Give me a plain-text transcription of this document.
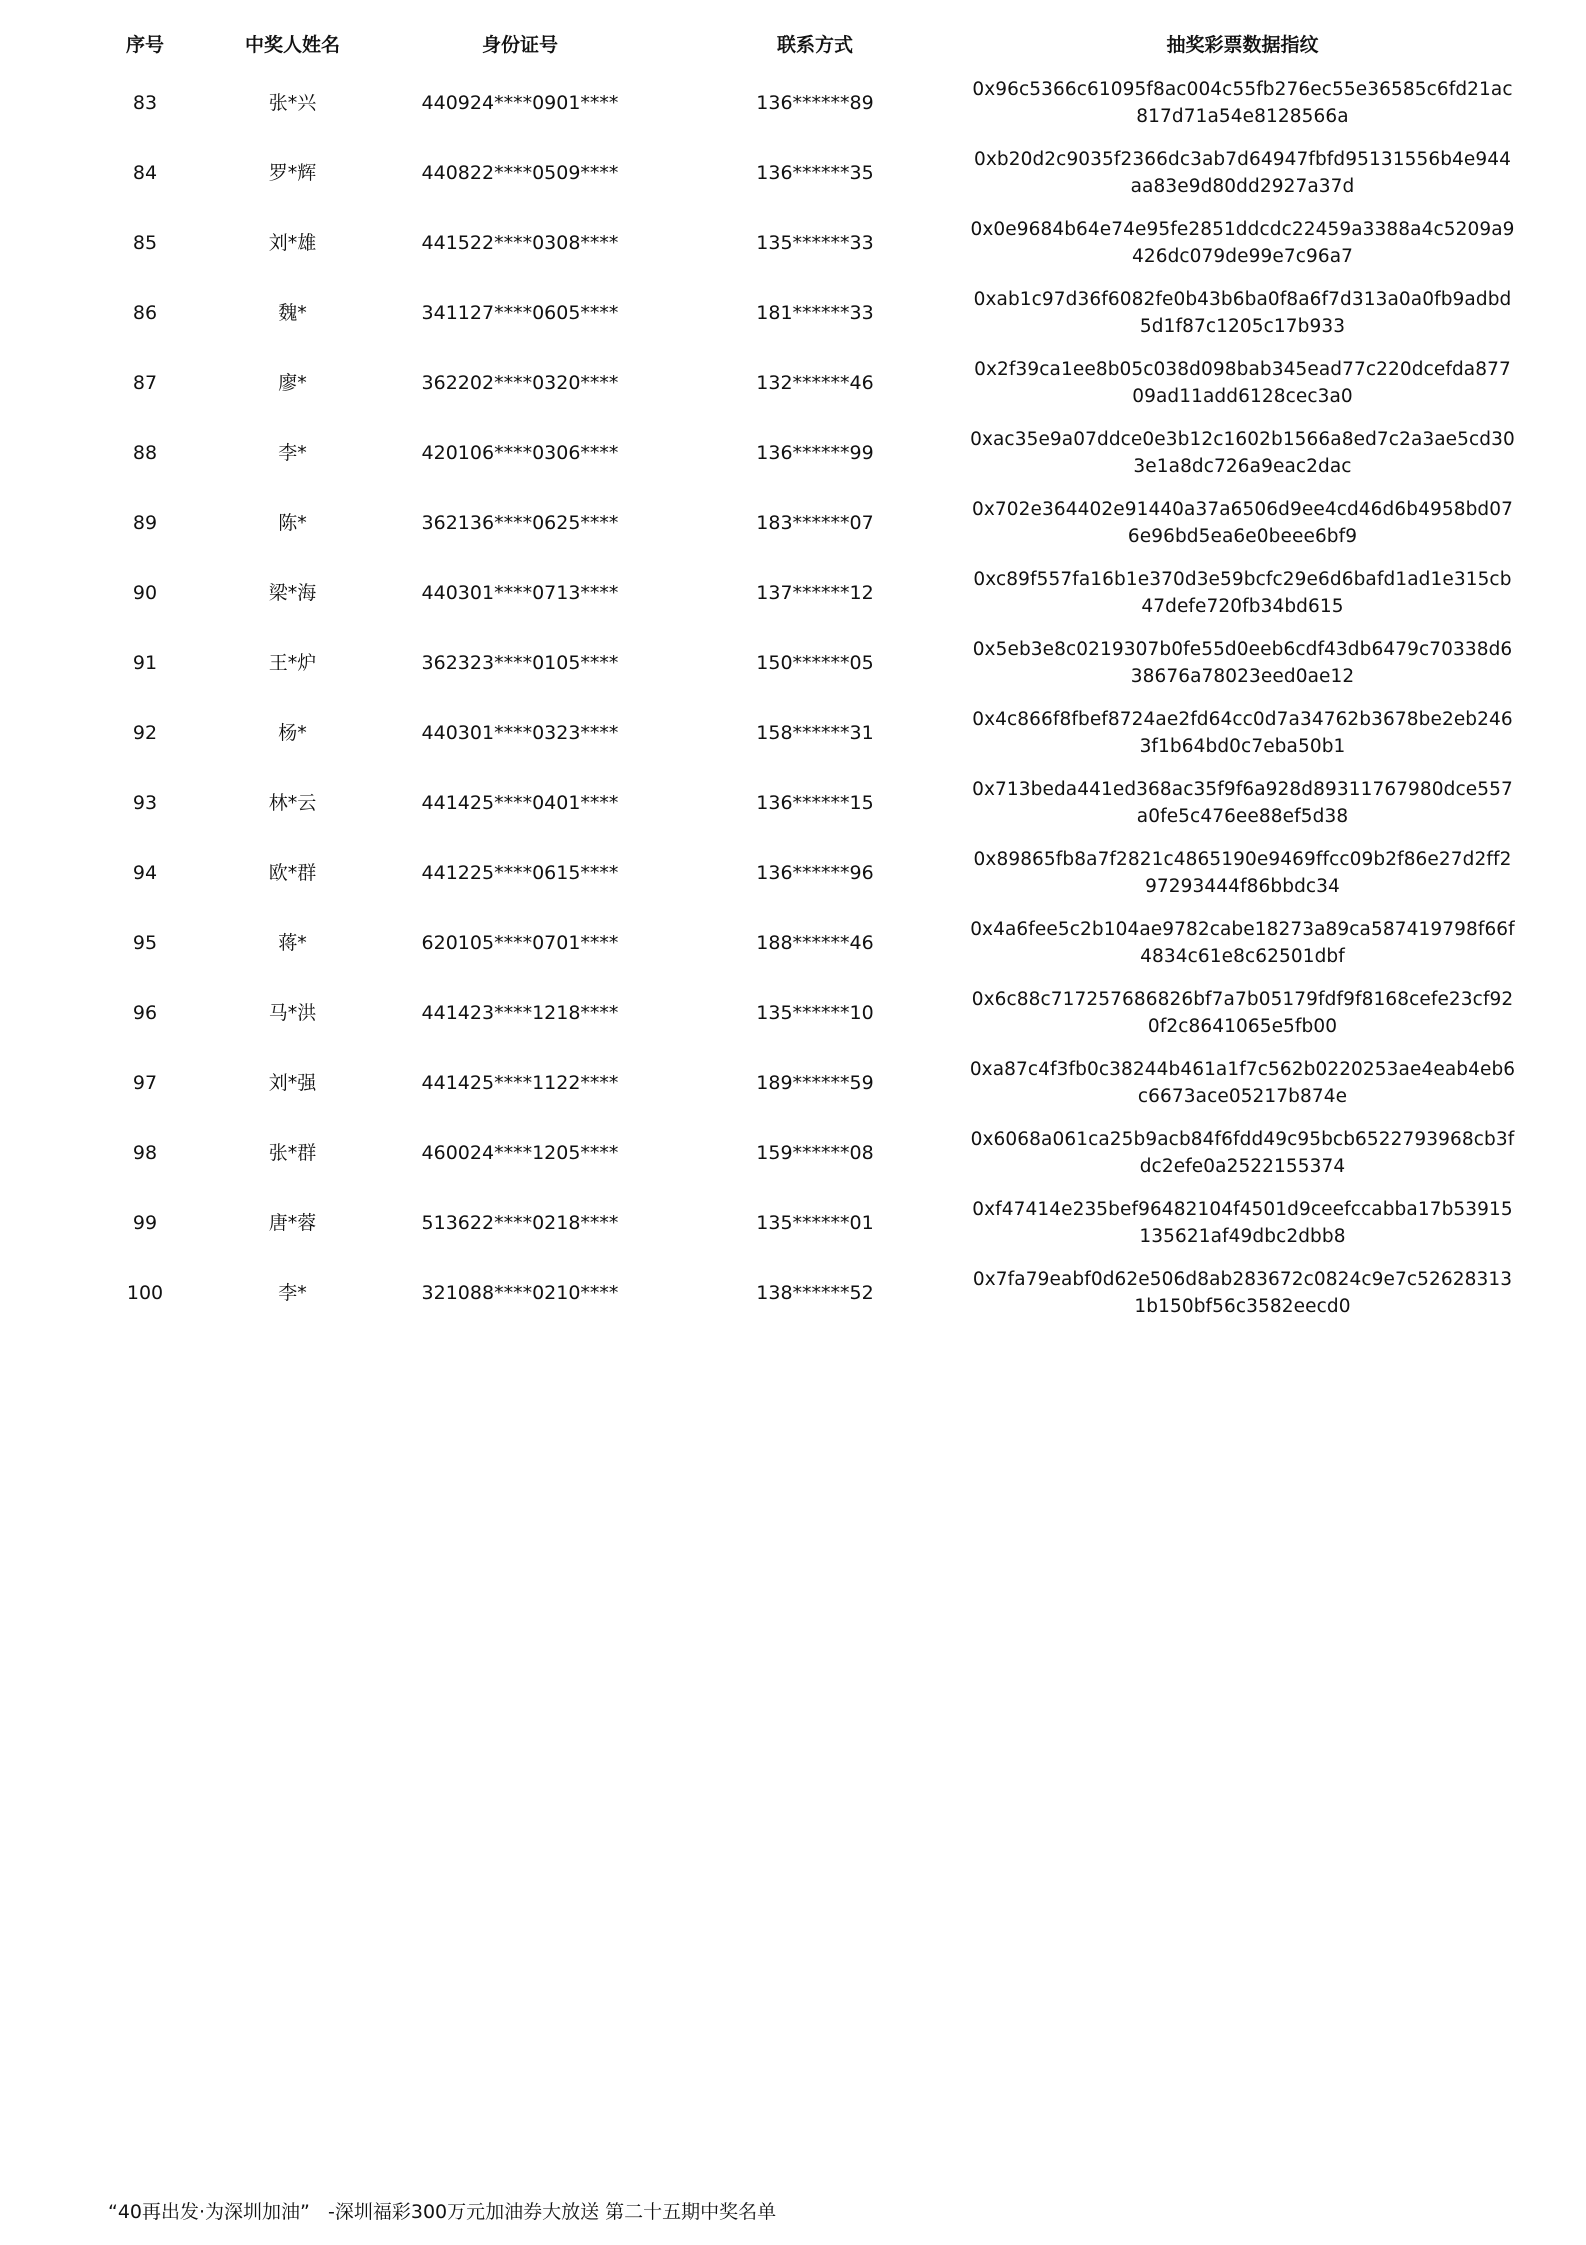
序号	中奖人姓名	身份证号	联系方式	抽奖彩票数据指纹
83	张*兴	440924****0901****	136******89	0x96c5366c61095f8ac004c55fb276ec55e36585c6fd21ac817d71a54e8128566a
84	罗*辉	440822****0509****	136******35	0xb20d2c9035f2366dc3ab7d64947fbfd95131556b4e944aa83e9d80dd2927a37d
85	刘*雄	441522****0308****	135******33	0x0e9684b64e74e95fe2851ddcdc22459a3388a4c5209a9426dc079de99e7c96a7
86	魏*	341127****0605****	181******33	0xab1c97d36f6082fe0b43b6ba0f8a6f7d313a0a0fb9adbd5d1f87c1205c17b933
87	廖*	362202****0320****	132******46	0x2f39ca1ee8b05c038d098bab345ead77c220dcefda87709ad11add6128cec3a0
88	李*	420106****0306****	136******99	0xac35e9a07ddce0e3b12c1602b1566a8ed7c2a3ae5cd303e1a8dc726a9eac2dac
89	陈*	362136****0625****	183******07	0x702e364402e91440a37a6506d9ee4cd46d6b4958bd076e96bd5ea6e0beee6bf9
90	梁*海	440301****0713****	137******12	0xc89f557fa16b1e370d3e59bcfc29e6d6bafd1ad1e315cb47defe720fb34bd615
91	王*炉	362323****0105****	150******05	0x5eb3e8c0219307b0fe55d0eeb6cdf43db6479c70338d638676a78023eed0ae12
92	杨*	440301****0323****	158******31	0x4c866f8fbef8724ae2fd64cc0d7a34762b3678be2eb2463f1b64bd0c7eba50b1
93	林*云	441425****0401****	136******15	0x713beda441ed368ac35f9f6a928d89311767980dce557a0fe5c476ee88ef5d38
94	欧*群	441225****0615****	136******96	0x89865fb8a7f2821c4865190e9469ffcc09b2f86e27d2ff297293444f86bbdc34
95	蒋*	620105****0701****	188******46	0x4a6fee5c2b104ae9782cabe18273a89ca587419798f66f4834c61e8c62501dbf
96	马*洪	441423****1218****	135******10	0x6c88c717257686826bf7a7b05179fdf9f8168cefe23cf920f2c8641065e5fb00
97	刘*强	441425****1122****	189******59	0xa87c4f3fb0c38244b461a1f7c562b0220253ae4eab4eb6c6673ace05217b874e
98	张*群	460024****1205****	159******08	0x6068a061ca25b9acb84f6fdd49c95bcb6522793968cb3fdc2efe0a2522155374
99	唐*蓉	513622****0218****	135******01	0xf47414e235bef96482104f4501d9ceefccabba17b53915135621af49dbc2dbb8
100	李*	321088****0210****	138******52	0x7fa79eabf0d62e506d8ab283672c0824c9e7c526283131b150bf56c3582eecd0
“40再出发·为深圳加油”   -深圳福彩300万元加油券大放送 第二十五期中奖名单
